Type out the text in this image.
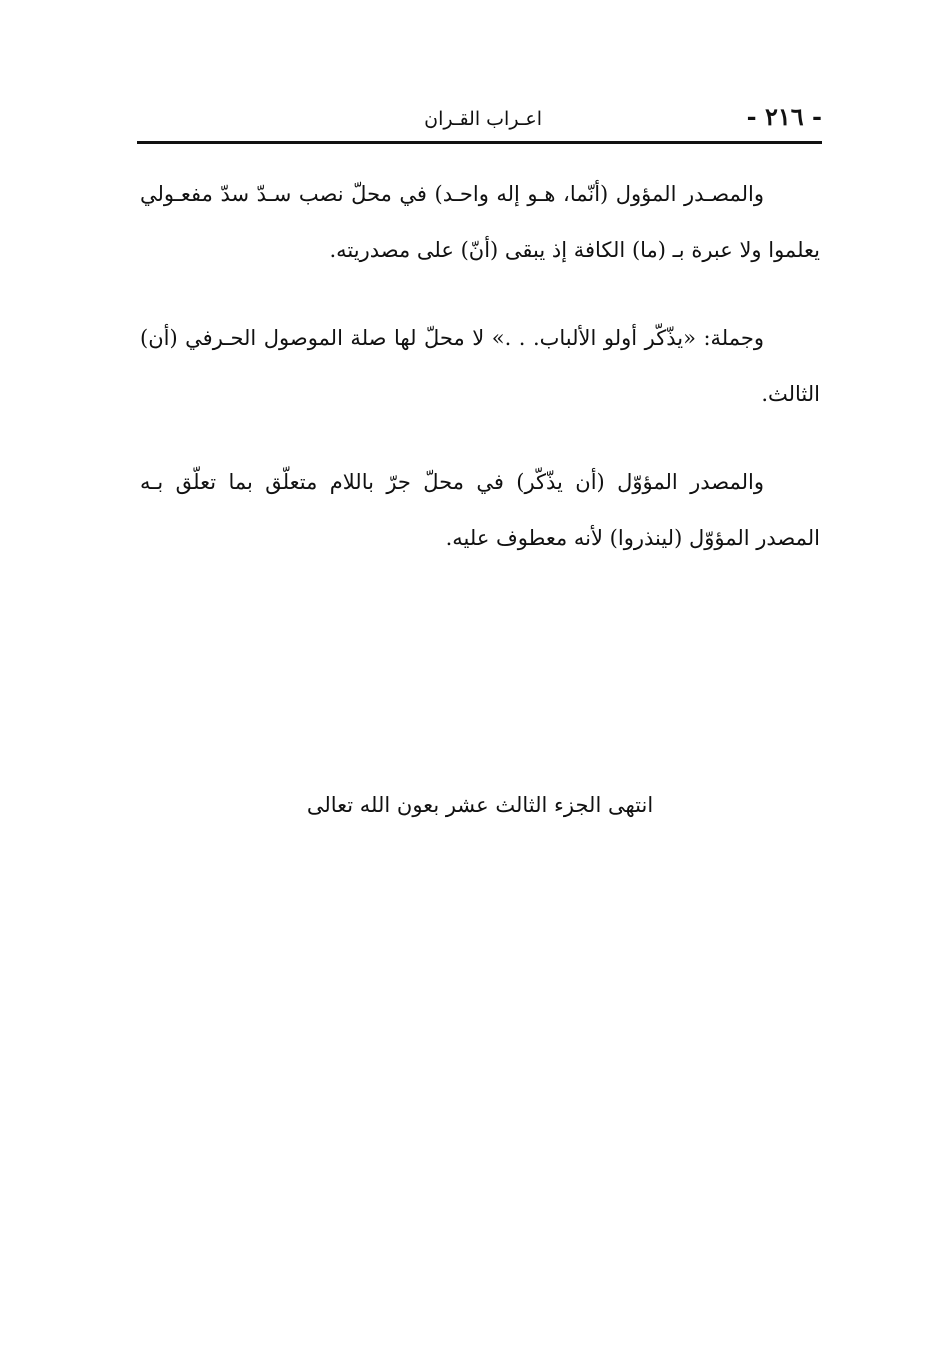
- ٢١٦ -
اعـراب القـران

والمصـدر المؤول (أنّما، هـو إله واحـد) في محلّ نصب سـدّ سدّ مفعـولي يعلموا ولا عبرة بـ (ما) الكافة إذ يبقى (أنّ) على مصدريته.

وجملة: «يذّكّر أولو الألباب. . .» لا محلّ لها صلة الموصول الحـرفي (أن) الثالث.

والمصدر المؤوّل (أن يذّكّر) في محلّ جرّ باللام متعلّق بما تعلّق بـه المصدر المؤوّل (لينذروا) لأنه معطوف عليه.

انتهى الجزء الثالث عشر بعون الله تعالى
